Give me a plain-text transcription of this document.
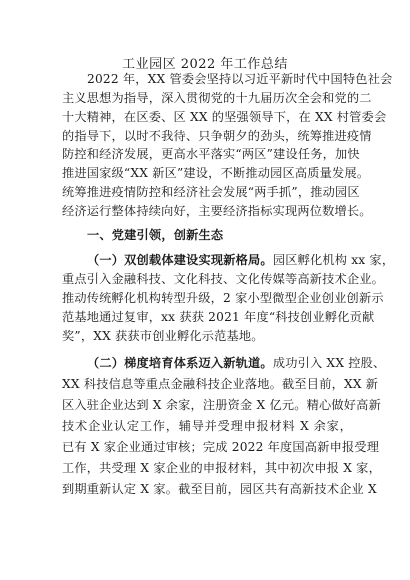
工业园区 2022 年工作总结
2022 年，XX 管委会坚持以习近平新时代中国特色社会
主义思想为指导，深入贯彻党的十九届历次全会和党的二
十大精神，在区委、区 XX 的坚强领导下，在 XX 村管委会
的指导下，以时不我待、只争朝夕的劲头，统筹推进疫情
防控和经济发展，更高水平落实“两区”建设任务，加快
推进国家级“XX 新区”建设，不断推动园区高质量发展。
统筹推进疫情防控和经济社会发展“两手抓”，推动园区
经济运行整体持续向好，主要经济指标实现两位数增长。
一、党建引领，创新生态
（一）双创载体建设实现新格局。园区孵化机构 xx 家，
重点引入金融科技、文化科技、文化传媒等高新技术企业。
推动传统孵化机构转型升级，2 家小型微型企业创业创新示
范基地通过复审，xx 获获 2021 年度“科技创业孵化贡献
奖”，XX 获获市创业孵化示范基地。
（二）梯度培育体系迈入新轨道。成功引入 XX 控股、
XX 科技信息等重点金融科技企业落地。截至目前，XX 新
区入驻企业达到 X 余家，注册资金 X 亿元。精心做好高新
技术企业认定工作，辅导并受理申报材料 X 余家，
已有 X 家企业通过审核；完成 2022 年度国高新申报受理
工作，共受理 X 家企业的申报材料，其中初次申报 X 家，
到期重新认定 X 家。截至目前，园区共有高新技术企业 X
